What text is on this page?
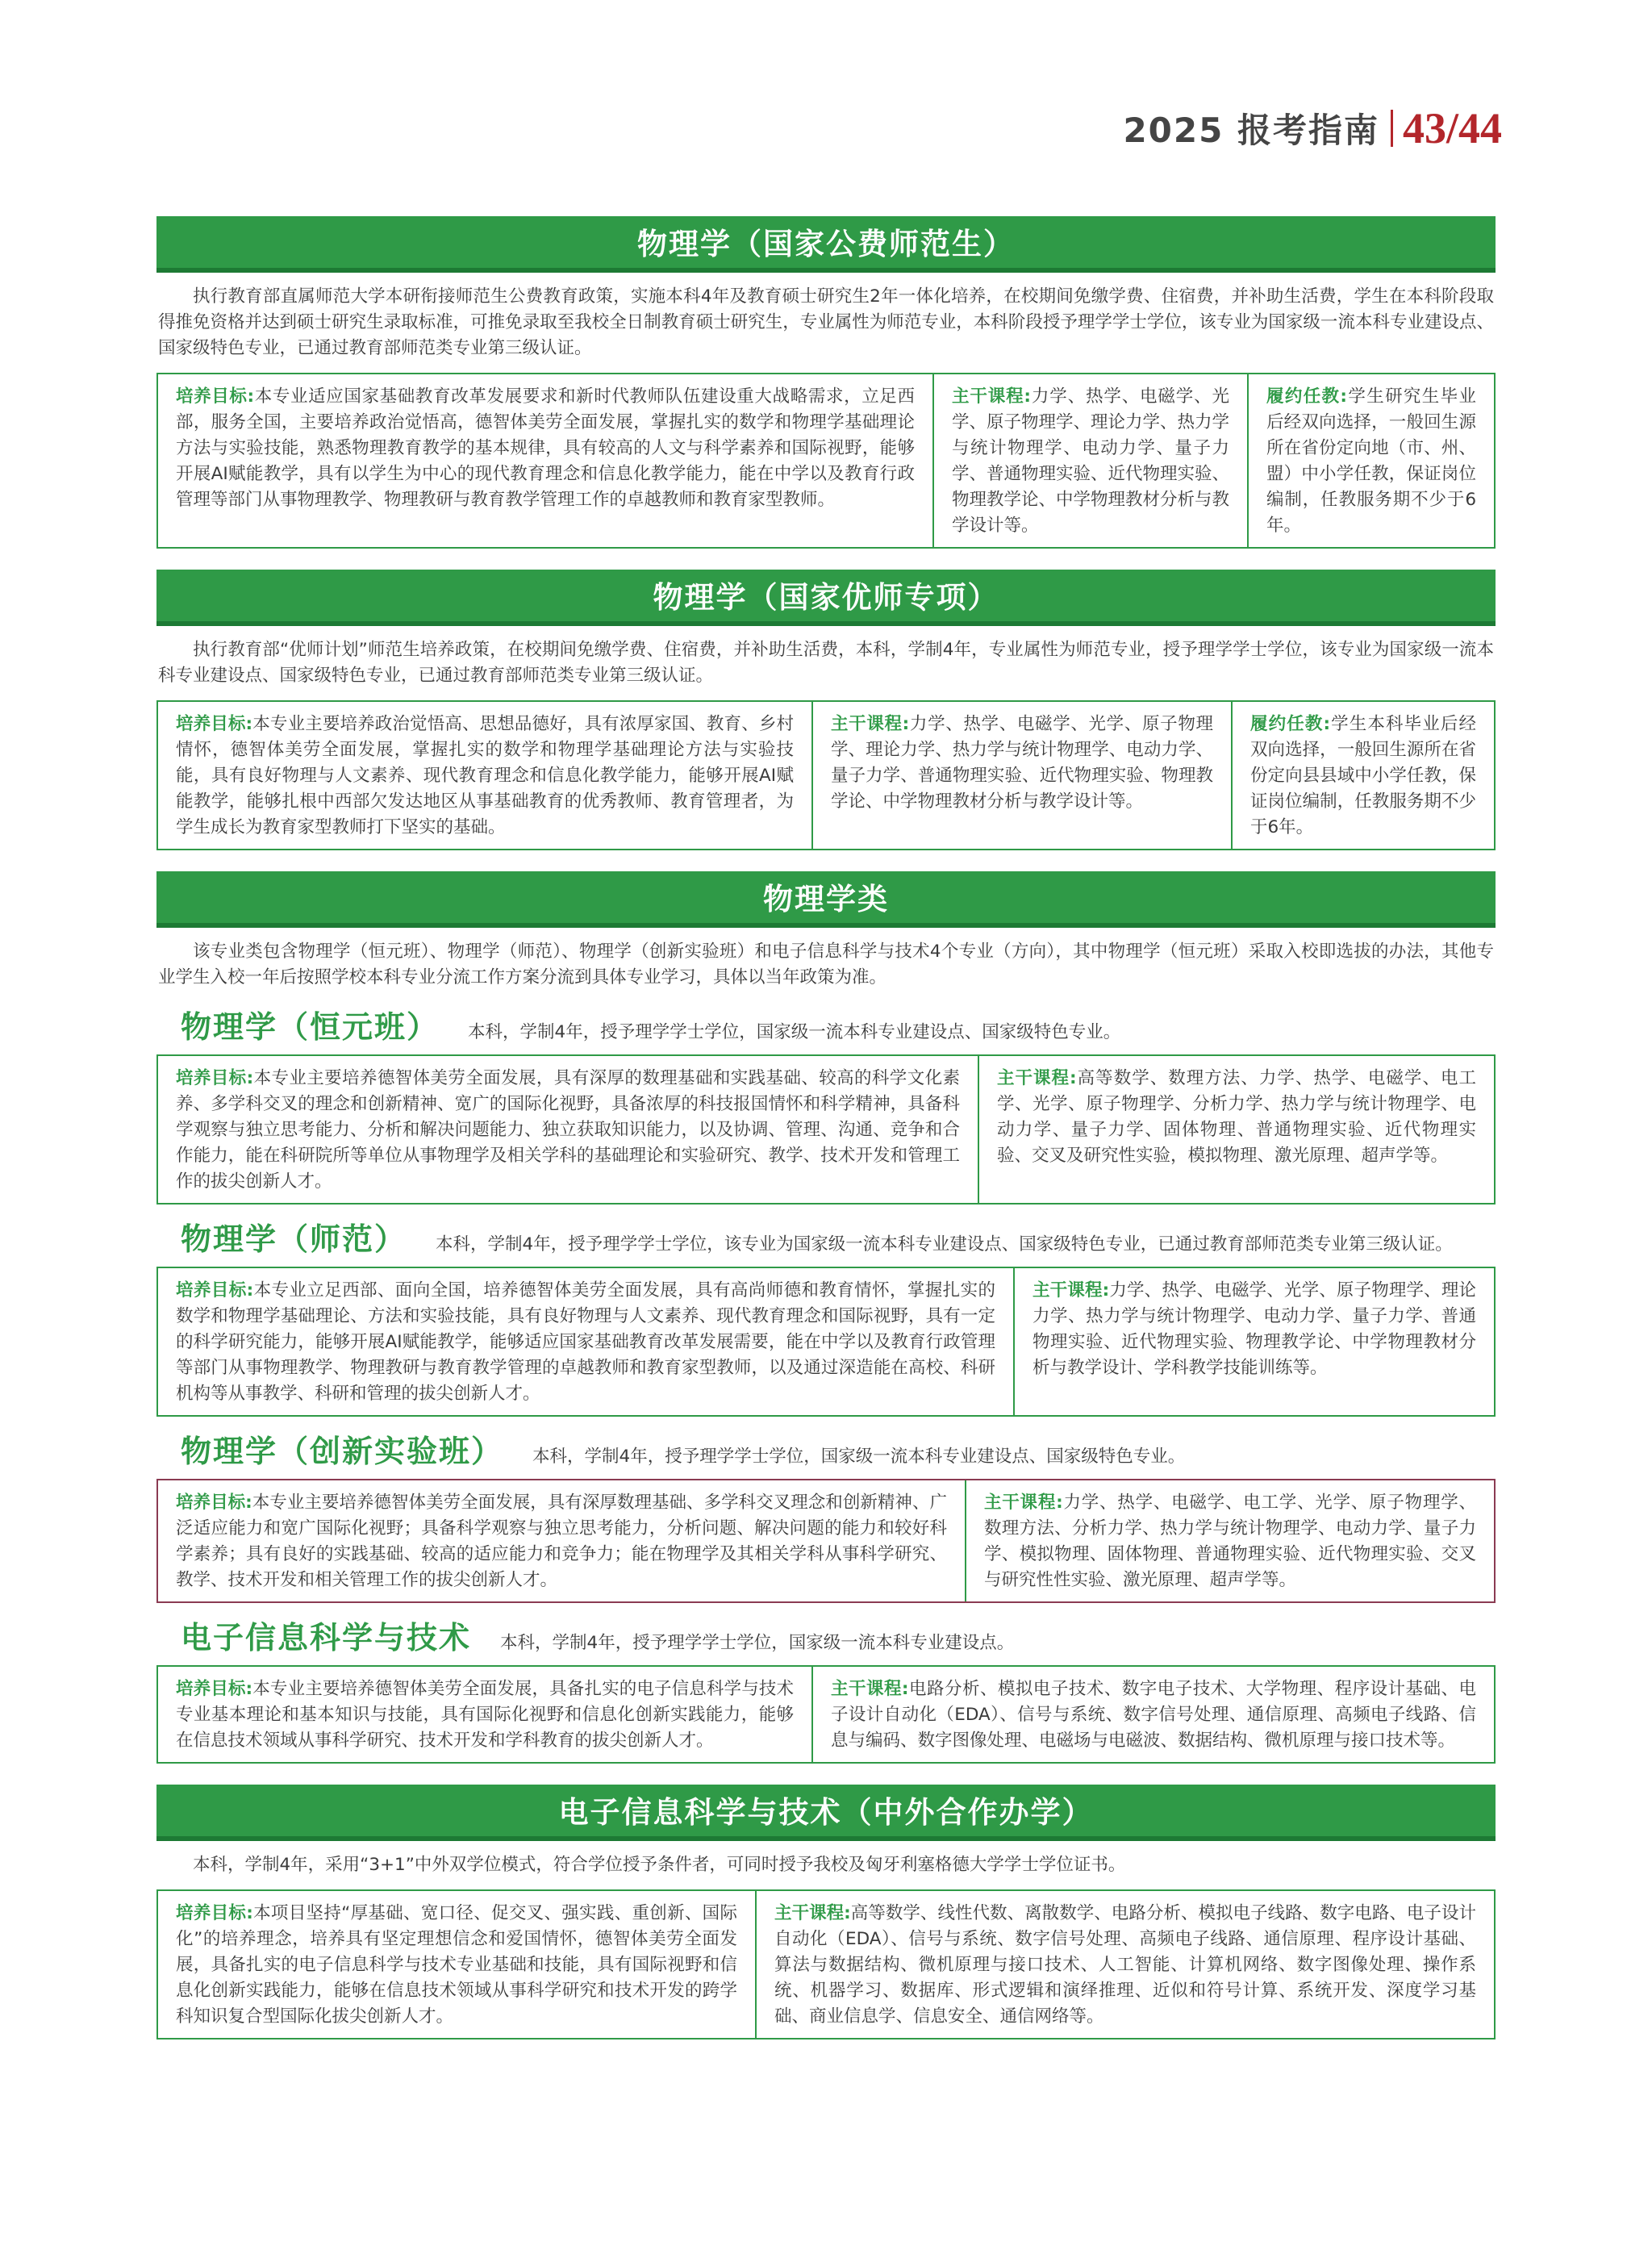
2025 报考指南 43/44
物理学（国家公费师范生）
执行教育部直属师范大学本研衔接师范生公费教育政策，实施本科4年及教育硕士研究生2年一体化培养，在校期间免缴学费、住宿费，并补助生活费，学生在本科阶段取得推免资格并达到硕士研究生录取标准，可推免录取至我校全日制教育硕士研究生，专业属性为师范专业，本科阶段授予理学学士学位，该专业为国家级一流本科专业建设点、国家级特色专业，已通过教育部师范类专业第三级认证。
培养目标:本专业适应国家基础教育改革发展要求和新时代教师队伍建设重大战略需求，立足西部，服务全国，主要培养政治觉悟高，德智体美劳全面发展，掌握扎实的数学和物理学基础理论方法与实验技能，熟悉物理教育教学的基本规律，具有较高的人文与科学素养和国际视野，能够开展AI赋能教学，具有以学生为中心的现代教育理念和信息化教学能力，能在中学以及教育行政管理等部门从事物理教学、物理教研与教育教学管理工作的卓越教师和教育家型教师。
主干课程:力学、热学、电磁学、光学、原子物理学、理论力学、热力学与统计物理学、电动力学、量子力学、普通物理实验、近代物理实验、物理教学论、中学物理教材分析与教学设计等。
履约任教:学生研究生毕业后经双向选择，一般回生源所在省份定向地（市、州、盟）中小学任教，保证岗位编制，任教服务期不少于6年。
物理学（国家优师专项）
执行教育部“优师计划”师范生培养政策，在校期间免缴学费、住宿费，并补助生活费，本科，学制4年，专业属性为师范专业，授予理学学士学位，该专业为国家级一流本科专业建设点、国家级特色专业，已通过教育部师范类专业第三级认证。
培养目标:本专业主要培养政治觉悟高、思想品德好，具有浓厚家国、教育、乡村情怀，德智体美劳全面发展，掌握扎实的数学和物理学基础理论方法与实验技能，具有良好物理与人文素养、现代教育理念和信息化教学能力，能够开展AI赋能教学，能够扎根中西部欠发达地区从事基础教育的优秀教师、教育管理者，为学生成长为教育家型教师打下坚实的基础。
主干课程:力学、热学、电磁学、光学、原子物理学、理论力学、热力学与统计物理学、电动力学、量子力学、普通物理实验、近代物理实验、物理教学论、中学物理教材分析与教学设计等。
履约任教:学生本科毕业后经双向选择，一般回生源所在省份定向县县域中小学任教，保证岗位编制，任教服务期不少于6年。
物理学类
该专业类包含物理学（恒元班）、物理学（师范）、物理学（创新实验班）和电子信息科学与技术4个专业（方向），其中物理学（恒元班）采取入校即选拔的办法，其他专业学生入校一年后按照学校本科专业分流工作方案分流到具体专业学习，具体以当年政策为准。
物理学（恒元班） 本科，学制4年，授予理学学士学位，国家级一流本科专业建设点、国家级特色专业。
培养目标:本专业主要培养德智体美劳全面发展，具有深厚的数理基础和实践基础、较高的科学文化素养、多学科交叉的理念和创新精神、宽广的国际化视野，具备浓厚的科技报国情怀和科学精神，具备科学观察与独立思考能力、分析和解决问题能力、独立获取知识能力，以及协调、管理、沟通、竞争和合作能力，能在科研院所等单位从事物理学及相关学科的基础理论和实验研究、教学、技术开发和管理工作的拔尖创新人才。
主干课程:高等数学、数理方法、力学、热学、电磁学、电工学、光学、原子物理学、分析力学、热力学与统计物理学、电动力学、量子力学、固体物理、普通物理实验、近代物理实验、交叉及研究性实验，模拟物理、激光原理、超声学等。
物理学（师范） 本科，学制4年，授予理学学士学位，该专业为国家级一流本科专业建设点、国家级特色专业，已通过教育部师范类专业第三级认证。
培养目标:本专业立足西部、面向全国，培养德智体美劳全面发展，具有高尚师德和教育情怀，掌握扎实的数学和物理学基础理论、方法和实验技能，具有良好物理与人文素养、现代教育理念和国际视野，具有一定的科学研究能力，能够开展AI赋能教学，能够适应国家基础教育改革发展需要，能在中学以及教育行政管理等部门从事物理教学、物理教研与教育教学管理的卓越教师和教育家型教师，以及通过深造能在高校、科研机构等从事教学、科研和管理的拔尖创新人才。
主干课程:力学、热学、电磁学、光学、原子物理学、理论力学、热力学与统计物理学、电动力学、量子力学、普通物理实验、近代物理实验、物理教学论、中学物理教材分析与教学设计、学科教学技能训练等。
物理学（创新实验班） 本科，学制4年，授予理学学士学位，国家级一流本科专业建设点、国家级特色专业。
培养目标:本专业主要培养德智体美劳全面发展，具有深厚数理基础、多学科交叉理念和创新精神、广泛适应能力和宽广国际化视野；具备科学观察与独立思考能力，分析问题、解决问题的能力和较好科学素养；具有良好的实践基础、较高的适应能力和竞争力；能在物理学及其相关学科从事科学研究、教学、技术开发和相关管理工作的拔尖创新人才。
主干课程:力学、热学、电磁学、电工学、光学、原子物理学、数理方法、分析力学、热力学与统计物理学、电动力学、量子力学、模拟物理、固体物理、普通物理实验、近代物理实验、交叉与研究性性实验、激光原理、超声学等。
电子信息科学与技术 本科，学制4年，授予理学学士学位，国家级一流本科专业建设点。
培养目标:本专业主要培养德智体美劳全面发展，具备扎实的电子信息科学与技术专业基本理论和基本知识与技能，具有国际化视野和信息化创新实践能力，能够在信息技术领域从事科学研究、技术开发和学科教育的拔尖创新人才。
主干课程:电路分析、模拟电子技术、数字电子技术、大学物理、程序设计基础、电子设计自动化（EDA）、信号与系统、数字信号处理、通信原理、高频电子线路、信息与编码、数字图像处理、电磁场与电磁波、数据结构、微机原理与接口技术等。
电子信息科学与技术（中外合作办学）
本科，学制4年，采用“3+1”中外双学位模式，符合学位授予条件者，可同时授予我校及匈牙利塞格德大学学士学位证书。
培养目标:本项目坚持“厚基础、宽口径、促交叉、强实践、重创新、国际化”的培养理念，培养具有坚定理想信念和爱国情怀，德智体美劳全面发展，具备扎实的电子信息科学与技术专业基础和技能，具有国际视野和信息化创新实践能力，能够在信息技术领域从事科学研究和技术开发的跨学科知识复合型国际化拔尖创新人才。
主干课程:高等数学、线性代数、离散数学、电路分析、模拟电子线路、数字电路、电子设计自动化（EDA）、信号与系统、数字信号处理、高频电子线路、通信原理、程序设计基础、算法与数据结构、微机原理与接口技术、人工智能、计算机网络、数字图像处理、操作系统、机器学习、数据库、形式逻辑和演绎推理、近似和符号计算、系统开发、深度学习基础、商业信息学、信息安全、通信网络等。
